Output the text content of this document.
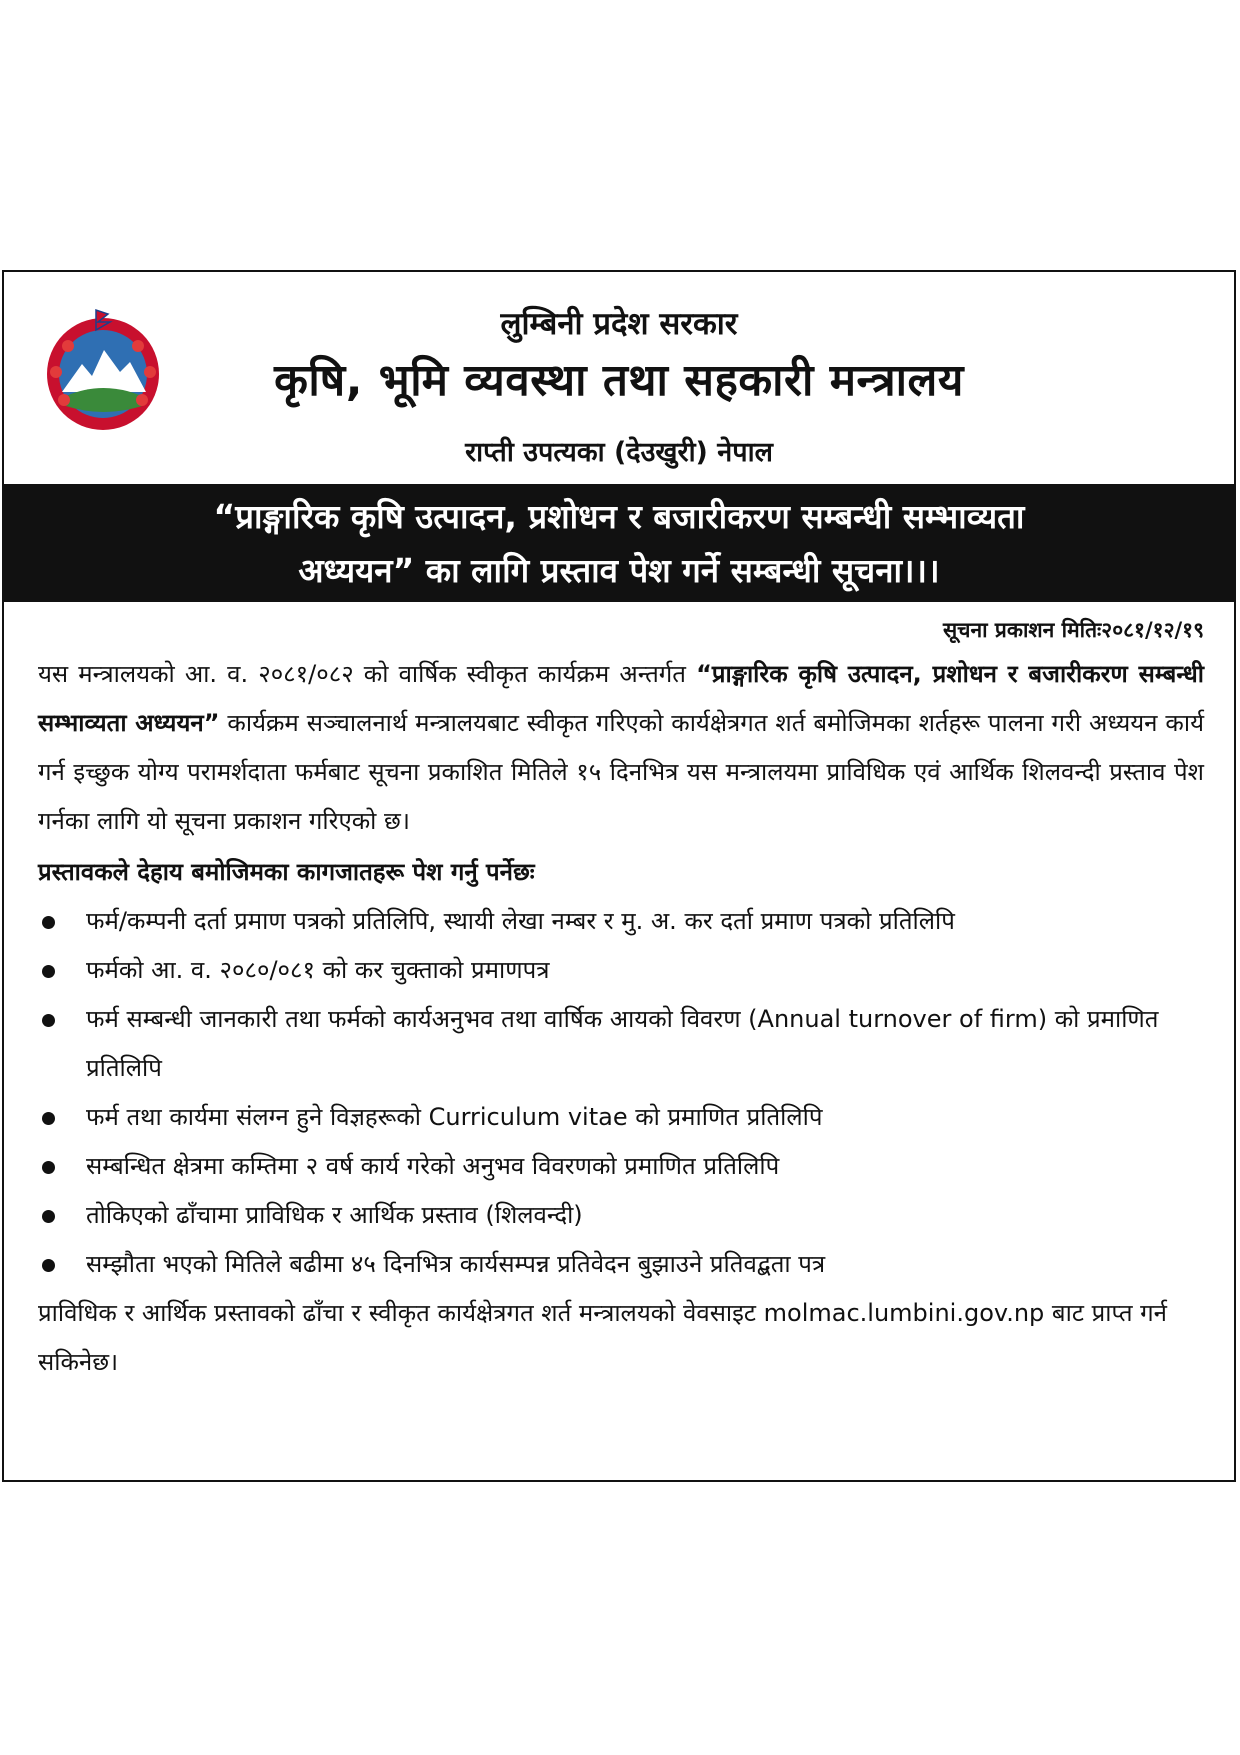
लुम्बिनी प्रदेश सरकार
कृषि, भूमि व्यवस्था तथा सहकारी मन्त्रालय
राप्ती उपत्यका (देउखुरी) नेपाल
“प्राङ्गारिक कृषि उत्पादन, प्रशोधन र बजारीकरण सम्बन्धी सम्भाव्यता
अध्ययन” का लागि प्रस्ताव पेश गर्ने सम्बन्धी सूचना।।।
सूचना प्रकाशन मितिः२०८१/१२/१९
यस मन्त्रालयको आ. व. २०८१/०८२ को वार्षिक स्वीकृत कार्यक्रम अन्तर्गत “प्राङ्गारिक कृषि उत्पादन, प्रशोधन र बजारीकरण सम्बन्धी सम्भाव्यता अध्ययन” कार्यक्रम सञ्चालनार्थ मन्त्रालयबाट स्वीकृत गरिएको कार्यक्षेत्रगत शर्त बमोजिमका शर्तहरू पालना गरी अध्ययन कार्य गर्न इच्छुक योग्य परामर्शदाता फर्मबाट सूचना प्रकाशित मितिले १५ दिनभित्र यस मन्त्रालयमा प्राविधिक एवं आर्थिक शिलवन्दी प्रस्ताव पेश गर्नका लागि यो सूचना प्रकाशन गरिएको छ।
प्रस्तावकले देहाय बमोजिमका कागजातहरू पेश गर्नु पर्नेछः
फर्म/कम्पनी दर्ता प्रमाण पत्रको प्रतिलिपि, स्थायी लेखा नम्बर र मु. अ. कर दर्ता प्रमाण पत्रको प्रतिलिपि
फर्मको आ. व. २०८०/०८१ को कर चुक्ताको प्रमाणपत्र
फर्म सम्बन्धी जानकारी तथा फर्मको कार्यअनुभव तथा वार्षिक आयको विवरण (Annual turnover of firm) को प्रमाणित प्रतिलिपि
फर्म तथा कार्यमा संलग्न हुने विज्ञहरूको Curriculum vitae को प्रमाणित प्रतिलिपि
सम्बन्धित क्षेत्रमा कम्तिमा २ वर्ष कार्य गरेको अनुभव विवरणको प्रमाणित प्रतिलिपि
तोकिएको ढाँचामा प्राविधिक र आर्थिक प्रस्ताव (शिलवन्दी)
सम्झौता भएको मितिले बढीमा ४५ दिनभित्र कार्यसम्पन्न प्रतिवेदन बुझाउने प्रतिवद्बता पत्र
प्राविधिक र आर्थिक प्रस्तावको ढाँचा र स्वीकृत कार्यक्षेत्रगत शर्त मन्त्रालयको वेवसाइट molmac.lumbini.gov.np बाट प्राप्त गर्न सकिनेछ।
